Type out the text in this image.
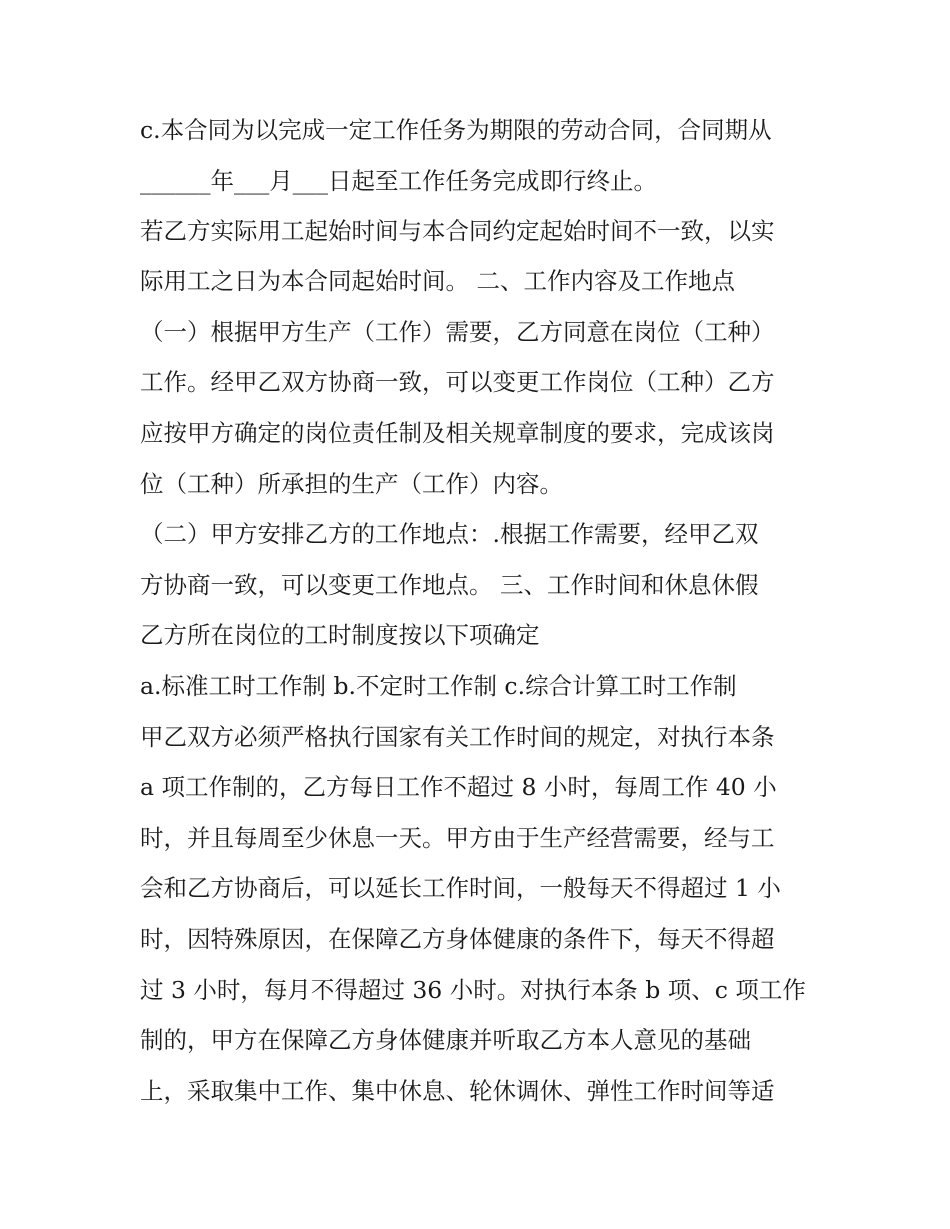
c.本合同为以完成一定工作任务为期限的劳动合同，合同期从
______年___月___日起至工作任务完成即行终止。
若乙方实际用工起始时间与本合同约定起始时间不一致，以实
际用工之日为本合同起始时间。 二、工作内容及工作地点
（一）根据甲方生产（工作）需要，乙方同意在岗位（工种）
工作。经甲乙双方协商一致，可以变更工作岗位（工种）乙方
应按甲方确定的岗位责任制及相关规章制度的要求，完成该岗
位（工种）所承担的生产（工作）内容。
（二）甲方安排乙方的工作地点：.根据工作需要，经甲乙双
方协商一致，可以变更工作地点。 三、工作时间和休息休假
乙方所在岗位的工时制度按以下项确定
a.标准工时工作制 b.不定时工作制 c.综合计算工时工作制
甲乙双方必须严格执行国家有关工作时间的规定，对执行本条
a 项工作制的，乙方每日工作不超过 8 小时，每周工作 40 小
时，并且每周至少休息一天。甲方由于生产经营需要，经与工
会和乙方协商后，可以延长工作时间，一般每天不得超过 1 小
时，因特殊原因，在保障乙方身体健康的条件下，每天不得超
过 3 小时，每月不得超过 36 小时。对执行本条 b 项、c 项工作
制的，甲方在保障乙方身体健康并听取乙方本人意见的基础
上，采取集中工作、集中休息、轮休调休、弹性工作时间等适
